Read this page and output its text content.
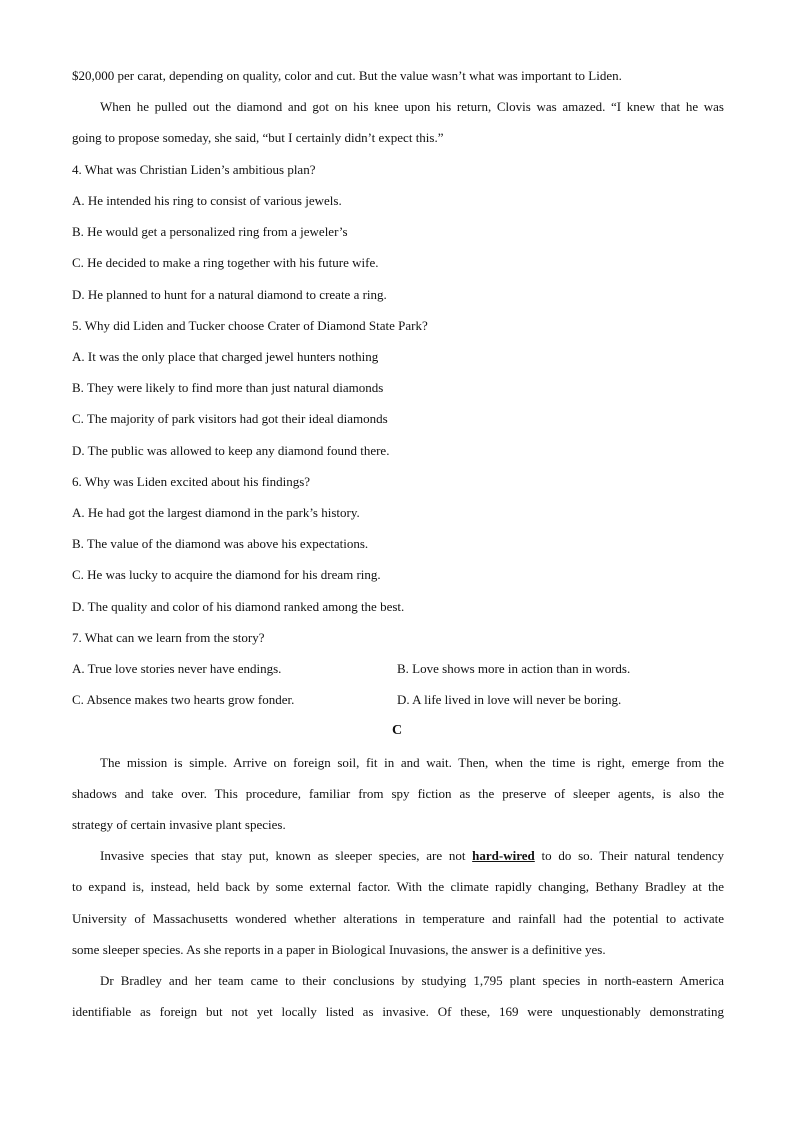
$20,000 per carat, depending on quality, color and cut. But the value wasn’t what was important to Liden.
When he pulled out the diamond and got on his knee upon his return, Clovis was amazed. “I knew that he was
going to propose someday, she said, “but I certainly didn’t expect this.”
4. What was Christian Liden’s ambitious plan?
A. He intended his ring to consist of various jewels.
B. He would get a personalized ring from a jeweler’s
C. He decided to make a ring together with his future wife.
D. He planned to hunt for a natural diamond to create a ring.
5. Why did Liden and Tucker choose Crater of Diamond State Park?
A. It was the only place that charged jewel hunters nothing
B. They were likely to find more than just natural diamonds
C. The majority of park visitors had got their ideal diamonds
D. The public was allowed to keep any diamond found there.
6. Why was Liden excited about his findings?
A. He had got the largest diamond in the park’s history.
B. The value of the diamond was above his expectations.
C. He was lucky to acquire the diamond for his dream ring.
D. The quality and color of his diamond ranked among the best.
7. What can we learn from the story?
A. True love stories never have endings.	B. Love shows more in action than in words.
C. Absence makes two hearts grow fonder.	D. A life lived in love will never be boring.
C
The mission is simple. Arrive on foreign soil, fit in and wait. Then, when the time is right, emerge from the
shadows and take over. This procedure, familiar from spy fiction as the preserve of sleeper agents, is also the
strategy of certain invasive plant species.
Invasive species that stay put, known as sleeper species, are not hard-wired to do so. Their natural tendency
to expand is, instead, held back by some external factor. With the climate rapidly changing, Bethany Bradley at the
University of Massachusetts wondered whether alterations in temperature and rainfall had the potential to activate
some sleeper species. As she reports in a paper in Biological Inuvasions, the answer is a definitive yes.
Dr Bradley and her team came to their conclusions by studying 1,795 plant species in north-eastern America
identifiable as foreign but not yet locally listed as invasive. Of these, 169 were unquestionably demonstrating
